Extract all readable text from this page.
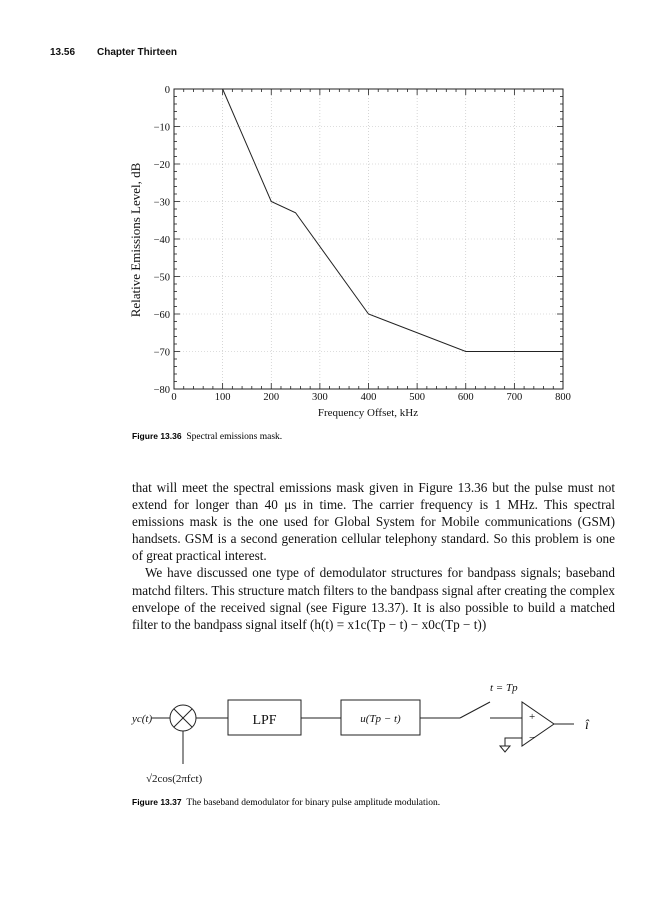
13.56 Chapter Thirteen
0	100	200	300	400	500	600	700	800
0
−10
−20
−30
−40
−50
−60
−70
−80
Frequency Offset, kHz
Relative Emissions Level, dB
Figure 13.36 Spectral emissions mask.

that will meet the spectral emissions mask given in Figure 13.36 but the pulse must not extend for longer than 40 μs in time. The carrier frequency is 1 MHz. This spectral emissions mask is the one used for Global System for Mobile communications (GSM) handsets. GSM is a second generation cellular telephony standard. So this problem is one of great practical interest.

We have discussed one type of demodulator structures for bandpass signals; baseband matchd filters. This structure match filters to the bandpass signal after creating the complex envelope of the received signal (see Figure 13.37). It is also possible to build a matched filter to the bandpass signal itself (h(t) = x1c(Tp − t) − x0c(Tp − t))

yc(t)
√2cos(2πfct)
LPF	u(Tp − t)
t = Tp
+
−
î
Figure 13.37 The baseband demodulator for binary pulse amplitude modulation.
